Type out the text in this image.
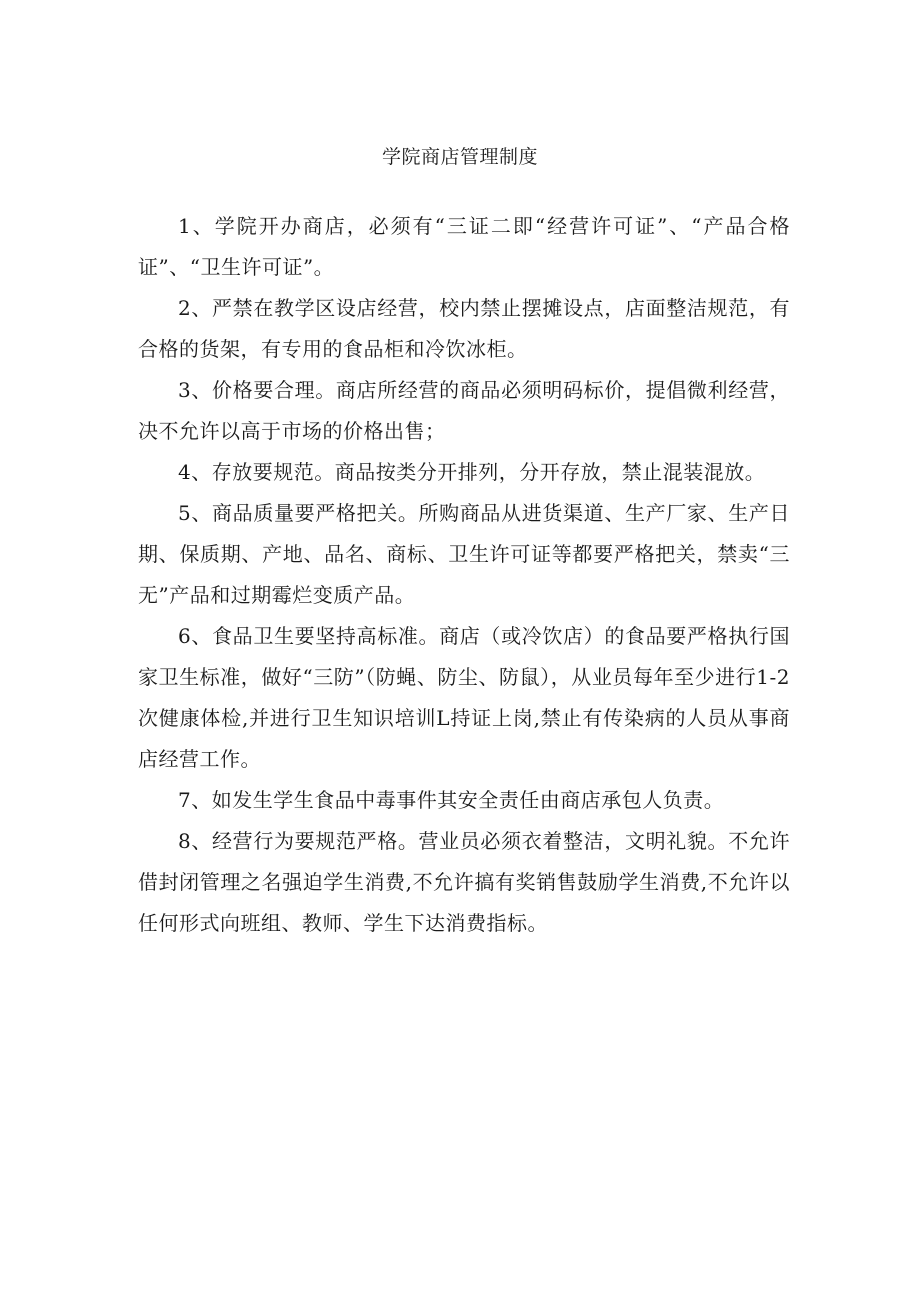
学院商店管理制度

1、学院开办商店，必须有“三证二即“经营许可证”、“产品合格证”、“卫生许可证”。

2、严禁在教学区设店经营，校内禁止摆摊设点，店面整洁规范，有合格的货架，有专用的食品柜和冷饮冰柜。

3、价格要合理。商店所经营的商品必须明码标价，提倡微利经营，决不允许以高于市场的价格出售；

4、存放要规范。商品按类分开排列，分开存放，禁止混装混放。

5、商品质量要严格把关。所购商品从进货渠道、生产厂家、生产日期、保质期、产地、品名、商标、卫生许可证等都要严格把关，禁卖“三无”产品和过期霉烂变质产品。

6、食品卫生要坚持高标准。商店（或冷饮店）的食品要严格执行国家卫生标准，做好“三防”（防蝇、防尘、防鼠），从业员每年至少进行1-2次健康体检,并进行卫生知识培训L持证上岗,禁止有传染病的人员从事商店经营工作。

7、如发生学生食品中毒事件其安全责任由商店承包人负责。

8、经营行为要规范严格。营业员必须衣着整洁，文明礼貌。不允许借封闭管理之名强迫学生消费,不允许搞有奖销售鼓励学生消费,不允许以任何形式向班组、教师、学生下达消费指标。
